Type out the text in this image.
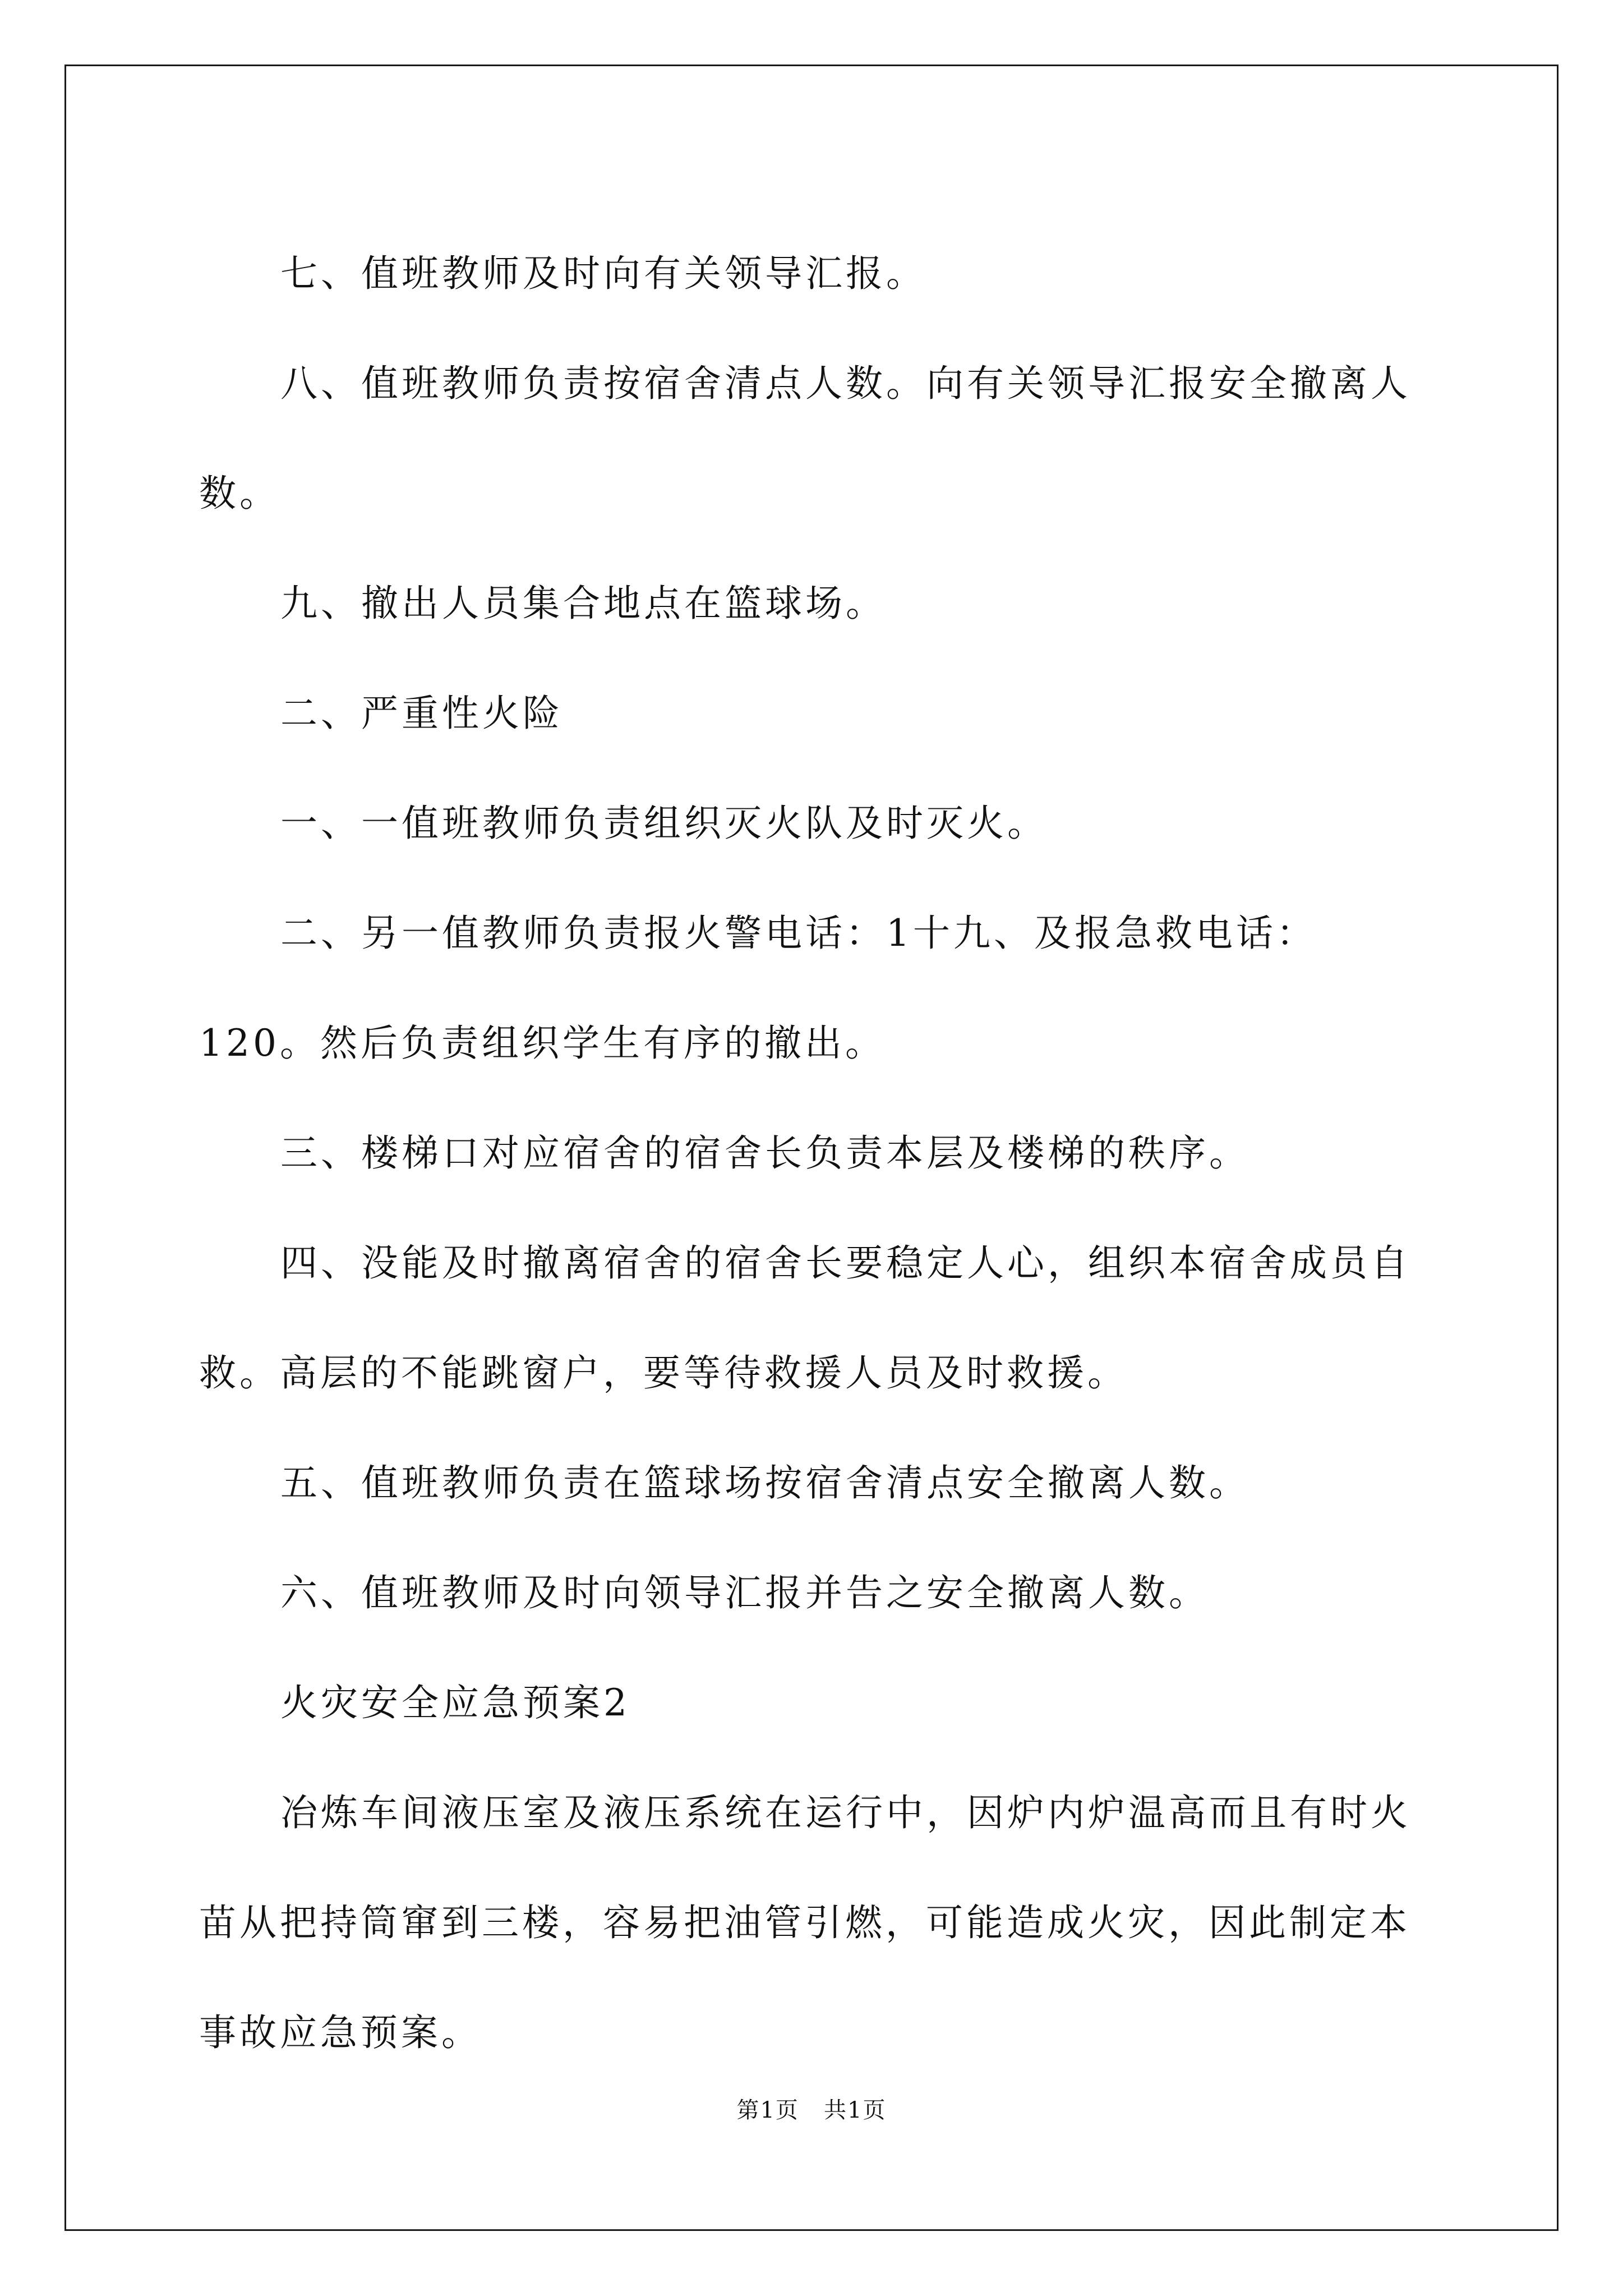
七、值班教师及时向有关领导汇报。

八、值班教师负责按宿舍清点人数。向有关领导汇报安全撤离人数。

九、撤出人员集合地点在篮球场。

二、严重性火险

一、一值班教师负责组织灭火队及时灭火。

二、另一值教师负责报火警电话：1十九、及报急救电话：120。然后负责组织学生有序的撤出。

三、楼梯口对应宿舍的宿舍长负责本层及楼梯的秩序。

四、没能及时撤离宿舍的宿舍长要稳定人心，组织本宿舍成员自救。高层的不能跳窗户，要等待救援人员及时救援。

五、值班教师负责在篮球场按宿舍清点安全撤离人数。

六、值班教师及时向领导汇报并告之安全撤离人数。

火灾安全应急预案2

冶炼车间液压室及液压系统在运行中，因炉内炉温高而且有时火苗从把持筒窜到三楼，容易把油管引燃，可能造成火灾，因此制定本事故应急预案。

第1页   共1页
